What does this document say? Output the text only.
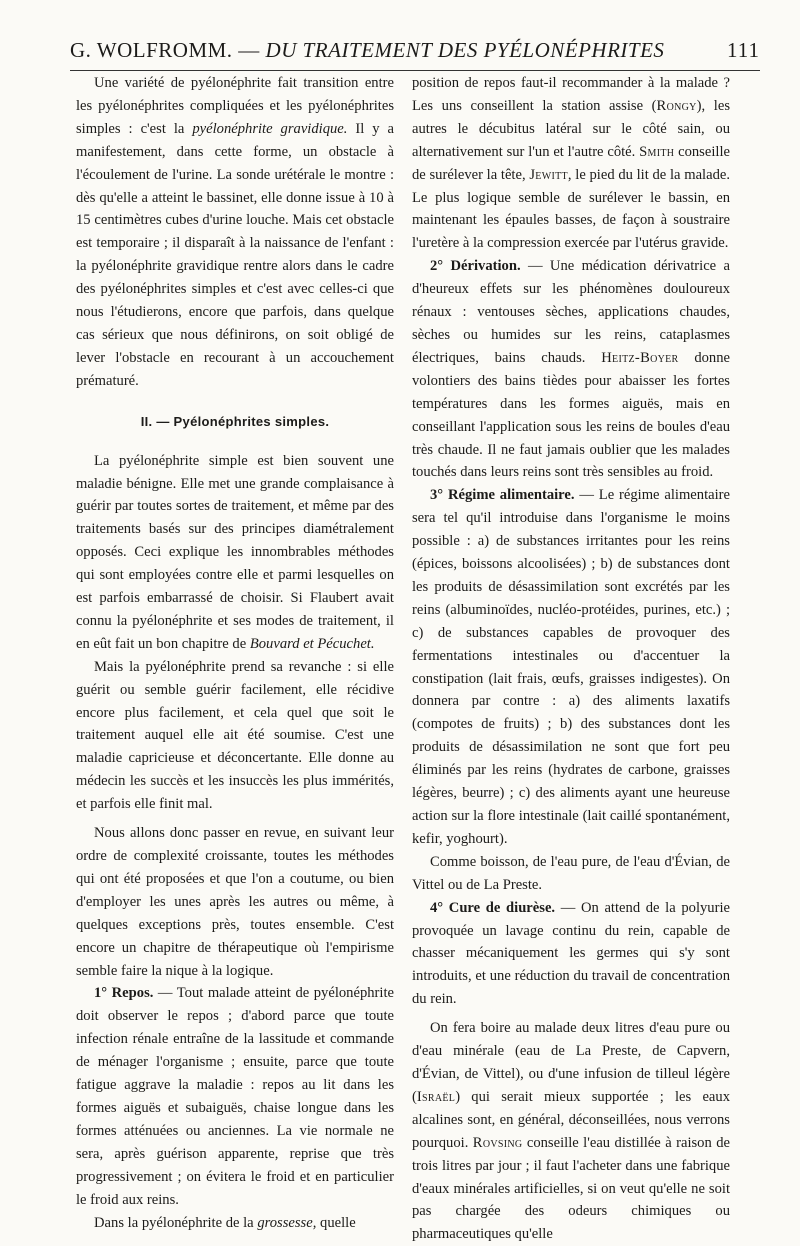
G. WOLFROMM. — DU TRAITEMENT DES PYÉLONÉPHRITES	111

Une variété de pyélonéphrite fait transition entre les pyélonéphrites compliquées et les pyélonéphrites simples : c'est la pyélonéphrite gravidique. Il y a manifestement, dans cette forme, un obstacle à l'écoulement de l'urine. La sonde urétérale le montre : dès qu'elle a atteint le bassinet, elle donne issue à 10 à 15 centimètres cubes d'urine louche. Mais cet obstacle est temporaire ; il disparaît à la naissance de l'enfant : la pyélonéphrite gravidique rentre alors dans le cadre des pyélonéphrites simples et c'est avec celles-ci que nous l'étudierons, encore que parfois, dans quelque cas sérieux que nous définirons, on soit obligé de lever l'obstacle en recourant à un accouchement prématuré.

II. — Pyélonéphrites simples.

La pyélonéphrite simple est bien souvent une maladie bénigne. Elle met une grande complaisance à guérir par toutes sortes de traitement, et même par des traitements basés sur des principes diamétralement opposés. Ceci explique les innombrables méthodes qui sont employées contre elle et parmi lesquelles on est parfois embarrassé de choisir. Si Flaubert avait connu la pyélonéphrite et ses modes de traitement, il en eût fait un bon chapitre de Bouvard et Pécuchet.

Mais la pyélonéphrite prend sa revanche : si elle guérit ou semble guérir facilement, elle récidive encore plus facilement, et cela quel que soit le traitement auquel elle ait été soumise. C'est une maladie capricieuse et déconcertante. Elle donne au médecin les succès et les insuccès les plus immérités, et parfois elle finit mal.

Nous allons donc passer en revue, en suivant leur ordre de complexité croissante, toutes les méthodes qui ont été proposées et que l'on a coutume, ou bien d'employer les unes après les autres ou même, à quelques exceptions près, toutes ensemble. C'est encore un chapitre de thérapeutique où l'empirisme semble faire la nique à la logique.

1° Repos. — Tout malade atteint de pyélonéphrite doit observer le repos ; d'abord parce que toute infection rénale entraîne de la lassitude et commande de ménager l'organisme ; ensuite, parce que toute fatigue aggrave la maladie : repos au lit dans les formes aiguës et subaiguës, chaise longue dans les formes atténuées ou anciennes. La vie normale ne sera, après guérison apparente, reprise que très progressivement ; on évitera le froid et en particulier le froid aux reins.

Dans la pyélonéphrite de la grossesse, quelle

position de repos faut-il recommander à la malade ? Les uns conseillent la station assise (Rongy), les autres le décubitus latéral sur le côté sain, ou alternativement sur l'un et l'autre côté. Smith conseille de surélever la tête, Jewitt, le pied du lit de la malade. Le plus logique semble de surélever le bassin, en maintenant les épaules basses, de façon à soustraire l'uretère à la compression exercée par l'utérus gravide.

2° Dérivation. — Une médication dérivatrice a d'heureux effets sur les phénomènes douloureux rénaux : ventouses sèches, applications chaudes, sèches ou humides sur les reins, cataplasmes électriques, bains chauds. Heitz-Boyer donne volontiers des bains tièdes pour abaisser les fortes températures dans les formes aiguës, mais en conseillant l'application sous les reins de boules d'eau très chaude. Il ne faut jamais oublier que les malades touchés dans leurs reins sont très sensibles au froid.

3° Régime alimentaire. — Le régime alimentaire sera tel qu'il introduise dans l'organisme le moins possible : a) de substances irritantes pour les reins (épices, boissons alcoolisées) ; b) de substances dont les produits de désassimilation sont excrétés par les reins (albuminoïdes, nucléo-protéides, purines, etc.) ; c) de substances capables de provoquer des fermentations intestinales ou d'accentuer la constipation (lait frais, œufs, graisses indigestes). On donnera par contre : a) des aliments laxatifs (compotes de fruits) ; b) des substances dont les produits de désassimilation ne sont que fort peu éliminés par les reins (hydrates de carbone, graisses légères, beurre) ; c) des aliments ayant une heureuse action sur la flore intestinale (lait caillé spontanément, kefir, yoghourt).

Comme boisson, de l'eau pure, de l'eau d'Évian, de Vittel ou de La Preste.

4° Cure de diurèse. — On attend de la polyurie provoquée un lavage continu du rein, capable de chasser mécaniquement les germes qui s'y sont introduits, et une réduction du travail de concentration du rein.

On fera boire au malade deux litres d'eau pure ou d'eau minérale (eau de La Preste, de Capvern, d'Évian, de Vittel), ou d'une infusion de tilleul légère (Israël) qui serait mieux supportée ; les eaux alcalines sont, en général, déconseillées, nous verrons pourquoi. Rovsing conseille l'eau distillée à raison de trois litres par jour ; il faut l'acheter dans une fabrique d'eaux minérales artificielles, si on veut qu'elle ne soit pas chargée des odeurs chimiques ou pharmaceutiques qu'elle
